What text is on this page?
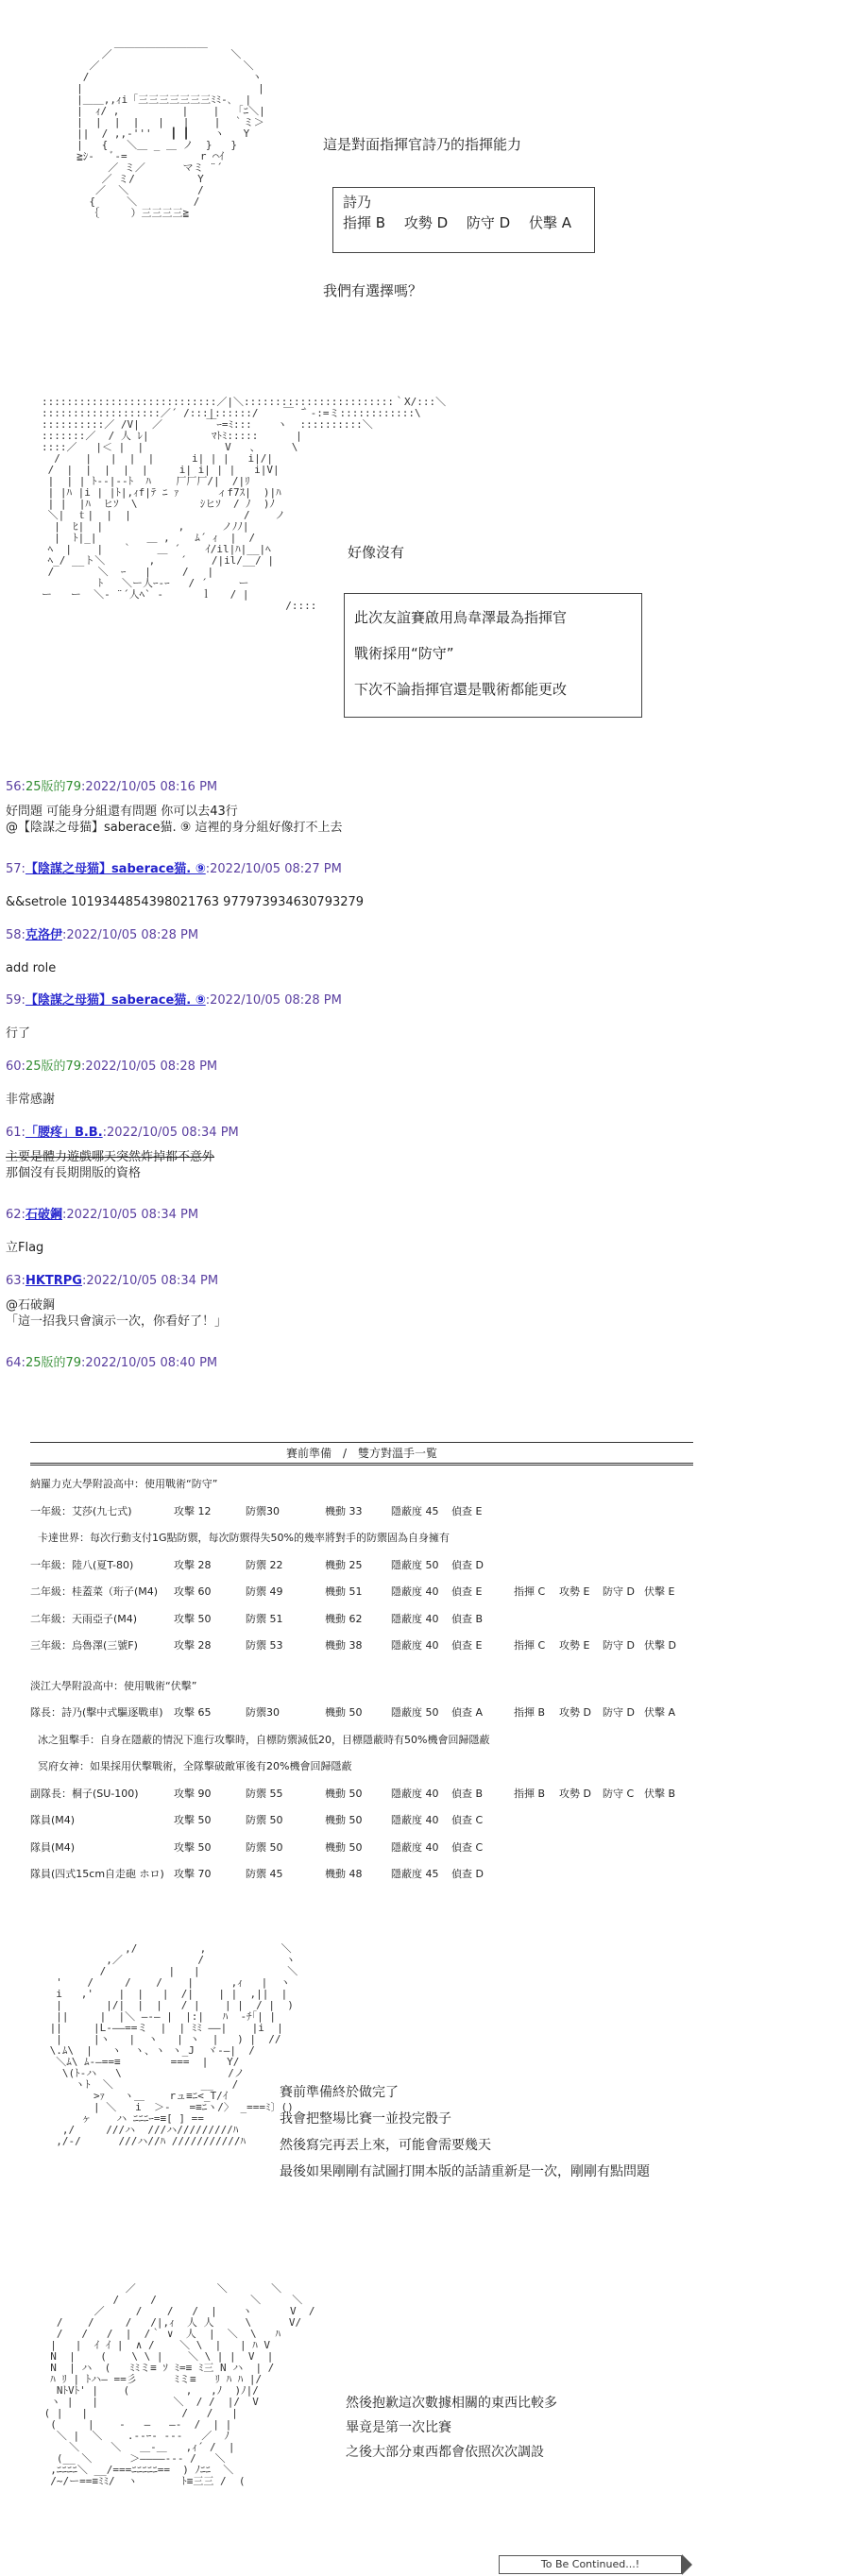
＿＿＿＿＿＿＿＿＿
／                   ＼
／                       ＼
/                          ヽ
|                            |
|＿＿,,ｨi「三三三三三三三ﾐﾐ‐､  |
|  ｨ/ ,          |    |   ｢ﾆ＼|
|  |  |  |   |   |    |  ｀ミ＞
||  / ,,‐'''   ┃ ┃    ヽ   Y
|   {   ＼＿ _ ＿ ノ  }   }
≧ｼ‐   ﾞ‐=     　     r ⌒ｲ
／ ミ／      マミ ¨´
／ ミ/          Y
／  ＼           /
{     ＼         /
｛     ）三三三三≧
這是對面指揮官詩乃的指揮能力
詩乃
指揮 B　 攻勢 D　 防守 D　 伏擊 A
我們有選擇嗎？
::::::::::::::::::::::::::::／|＼::::::::::::::::::::::::｀X/:::＼
:::::::::::::::::::／´ /:::|::::::/    ￣ ̄｀‐:=ミ::::::::::::\
::::::::::／ /V|  ／       ￣ｰ=ﾐ:::    ヽ  ::::::::::＼
:::::::／  / 人 ﾚ|          ﾏﾄﾐ:::::      |
::::／   |＜ |  |             V   、     \
/    |   |  |  |      i| | |   i|/|
/  |  |  |  |  |     i| i| | |   i|V|
|  | | ﾄ--|--ﾄ  ﾊ    厂厂厂/|  /|ﾘ
| |ﾊ |i | |ﾄ|,ｨf|ﾃ ﾆ ｧ      ィf7ｽ|  )|ﾊ
| |  |ﾊ  ヒｿ  \          ｼヒｿ  / ﾉ  )ﾉ
＼|  ｔ|  |  |                  /    ノ
|  ﾋ|  |            ,      ノﾉﾉ|
|  ﾄ|_|        ＿ ,    ﾑ´ ｨ  |  /
ﾍ  |    |   ｀    ＿ ´    ｲ/il|ﾊ|__|ﾍ
ﾍ_/ __ト＼       ,    ´    /|il/__/ |
/       ＼  ｰ   |     /   |
ﾄ   ＼ー人ｰ‐ｰ   / ´     ー
ー   ー  ＼‐ ¨´人ﾍ` ‐      ｌ   / |
/::::
好像沒有
此次友誼賽啟用鳥韋澤最為指揮官
戰術採用“防守”
下次不論指揮官還是戰術都能更改
56:25版的79:2022/10/05 08:16 PM
好問題 可能身分組還有問題 你可以去43行
@【陰謀之母猫】saberace猫. ⑨ 這裡的身分組好像打不上去
57:【陰謀之母猫】saberace猫. ⑨:2022/10/05 08:27 PM
&&setrole 1019344854398021763 977973934630793279
58:克洛伊:2022/10/05 08:28 PM
add role
59:【陰謀之母猫】saberace猫. ⑨:2022/10/05 08:28 PM
行了
60:25版的79:2022/10/05 08:28 PM
非常感謝
61:「腰疼」B.B.:2022/10/05 08:34 PM
主要是體力遊戲哪天突然炸掉都不意外
那個沒有長期開版的資格
62:石破鋼:2022/10/05 08:34 PM
立Flag
63:HKTRPG:2022/10/05 08:34 PM
@石破鋼
「這一招我只會演示一次，你看好了！」
64:25版的79:2022/10/05 08:40 PM
賽前準備　/　雙方對溫手一覧
納羅力克大學附設高中：使用戰術“防守”
一年級：艾莎(九七式)	攻擊 12	防禦30	機動 33	隱蔽度 45 偵查 E
卡達世界：每次行動支付1G點防禦，每次防禦得失50%的幾率將對手的防禦固為自身擁有
一年級：陸八(夏T-80)	攻擊 28	防禦 22	機動 25	隱蔽度 50 偵查 D
二年級：桂蓋菜（珩子(M4) 攻擊 60	防禦 49	機動 51	隱蔽度 40 偵查 E	指揮 C 攻勢 E 防守 D 伏擊 E
二年級：天雨亞子(M4)	攻擊 50	防禦 51	機動 62	隱蔽度 40 偵查 B
三年級：烏魯澤(三號F)	攻擊 28	防禦 53	機動 38	隱蔽度 40 偵查 E	指揮 C 攻勢 E 防守 D 伏擊 D
淡江大學附設高中：使用戰術“伏擊”
隊長：詩乃(擊中式驅逐戰車) 攻擊 65	防禦30	機動 50	隱蔽度 50 偵查 A	指揮 B 攻勢 D 防守 D 伏擊 A
冰之狙擊手：自身在隱蔽的情況下進行攻擊時，自標防禦減低20，目標隱蔽時有50%機會回歸隱蔽
冥府女神：如果採用伏擊戰術，全隊擊破敵軍後有20%機會回歸隱蔽
副隊長：桐子(SU-100)	攻擊 90	防禦 55	機動 50	隱蔽度 40 偵查 B	指揮 B 攻勢 D 防守 C 伏擊 B
隊員(M4)	攻擊 50	防禦 50	機動 50	隱蔽度 40 偵查 C
隊員(M4)	攻擊 50	防禦 50	機動 50	隱蔽度 40 偵查 C
隊員(四式15cm自走砲 ホロ) 攻擊 70	防禦 45	機動 48	隱蔽度 45 偵查 D
,/          ,            ＼
,／            /             ヽ
/          |   |              ＼
'    /     /    /    |      ,ｨ   |  ヽ
i   ,'    |  |   |  /|    | |  ,||  |
|       |/|  |  |   / |    | |  / |  )
||     |  |＼ ―‐― |  |:|   ﾊ  ‐ﾁ｢| |
||     |L-――==ミ  |  | ﾐﾐ ――|    |i  |
|     |ヽ   |  ヽ   | ヽ  |   ) |  //
\.ﾑ\  |   ヽ  ヽ、ヽ ヽ_J  ヾ-―|  /
＼ﾑ\ ﾑ-―==≡        ===  |   Y/
\(ﾄ‐ハ   \                 /ノ
ヽﾄ  ＼              __   /
>ｧ   ヽ＿    rュ≡ﾆ<_T/ｲ
| ＼   i  ＞‐   =≡ﾆヽ/〉 _===ﾐ〕()
ヶ    ハ ﾆﾆﾆｰ=≡[ ] ==
,/     ///ハ  ///ハ/////////ﾊ
,/-/      ///ハ//ﾊ ///////////ﾊ
賽前準備終於做完了
我會把整場比賽一並投完骰子
然後寫完再丟上來，可能會需要幾天
最後如果剛剛有試圖打開本版的話請重新是一次，剛剛有點問題
／             ＼       ＼
/     /               ＼     ＼
／     /    /   /  |    ヽ      V  /
/    /     /   /|,ｨ  人 人     \      V/
/   /   /  |  /｀ ∨  人  |  ＼  \   ﾊ
|   |  ｲ ｲ |  ∧ /    ＼ \  |   | ﾊ V
N  |    (    \ \ |    ＼ \ | |  V  |
N  | ハ  (   ﾐﾐミ≡ ｿ ﾐ=≡ ﾐ三 N ハ  | /
ﾊ ﾘ | ﾄハ― ==彡      ﾐミ≡   ﾘ ﾊ ﾊ |/
NﾄVﾄ' |    (         ,   ,ﾉ  )ﾉ|/
ヽ |   |            ＼  / /  |/  V
( |   |               /   /   |
(     |    ‐   ―   ―‐  /  | |
＼ |  ＼    .--ｰ‐ ‐--   ／  ﾉ
＼     ＼   ＿‐＿   ,ｨ´ /  |
(__ ＼      ＞――――‐‐‐ /   ＼
,ﾆﾆﾆﾆ＼ __/===ﾆﾆﾆﾆﾆ==  ) ﾉﾆﾆ  ＼
/~/ー==≡ﾐﾐ/  ヽ       ﾄ≡三三 /  (
然後抱歉這次數據相關的東西比較多
畢竟是第一次比賽
之後大部分東西都會依照次次調設
To Be Continued...!
